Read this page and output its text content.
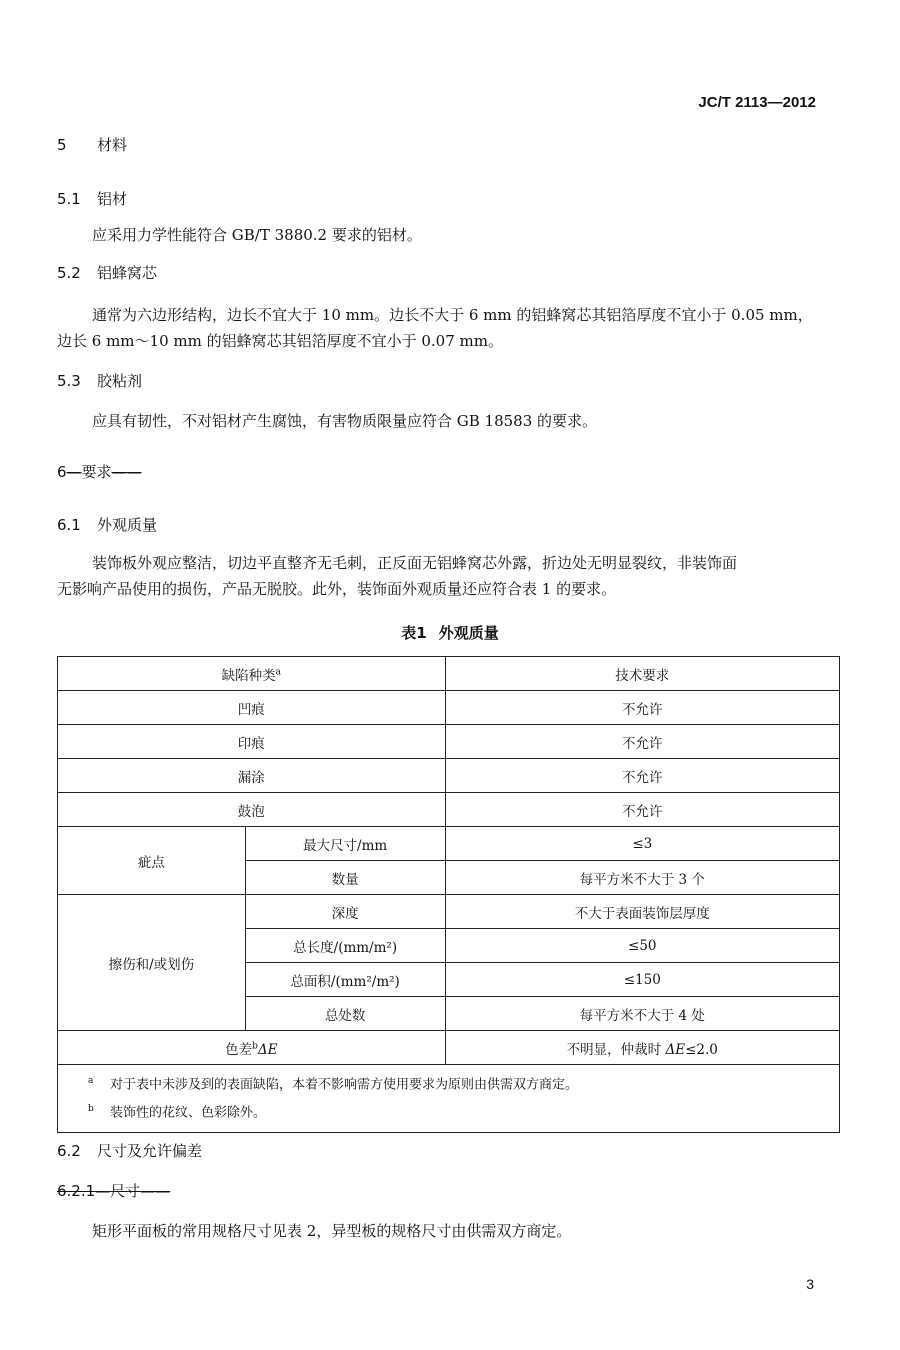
JC/T 2113—2012
5 材料
5.1 铝材
应采用力学性能符合 GB/T 3880.2 要求的铝材。
5.2 铝蜂窝芯
通常为六边形结构，边长不宜大于 10 mm。边长不大于 6 mm 的铝蜂窝芯其铝箔厚度不宜小于 0.05 mm，
边长 6 mm～10 mm 的铝蜂窝芯其铝箔厚度不宜小于 0.07 mm。
5.3 胶粘剂
应具有韧性，不对铝材产生腐蚀，有害物质限量应符合 GB 18583 的要求。
6—要求——
6.1 外观质量
装饰板外观应整洁，切边平直整齐无毛刺，正反面无铝蜂窝芯外露，折边处无明显裂纹，非装饰面
无影响产品使用的损伤，产品无脱胶。此外，装饰面外观质量还应符合表 1 的要求。
表1 外观质量
缺陷种类$^a$		技术要求
凹痕		不允许
印痕		不允许
漏涂		不允许
鼓泡		不允许
疵点	最大尺寸/mm	≤3
	数量	每平方米不大于 3 个
擦伤和/或划伤	深度	不大于表面装饰层厚度
	总长度/(mm/m²)	≤50
	总面积/(mm²/m²)	≤150
	总处数	每平方米不大于 4 处
色差$^b$ΔE		不明显，仲裁时 ΔE≤2.0

a 对于表中未涉及到的表面缺陷，本着不影响需方使用要求为原则由供需双方商定。
b 装饰性的花纹、色彩除外。		
6.2 尺寸及允许偏差
6.2.1—尺寸——
矩形平面板的常用规格尺寸见表 2，异型板的规格尺寸由供需双方商定。
3
